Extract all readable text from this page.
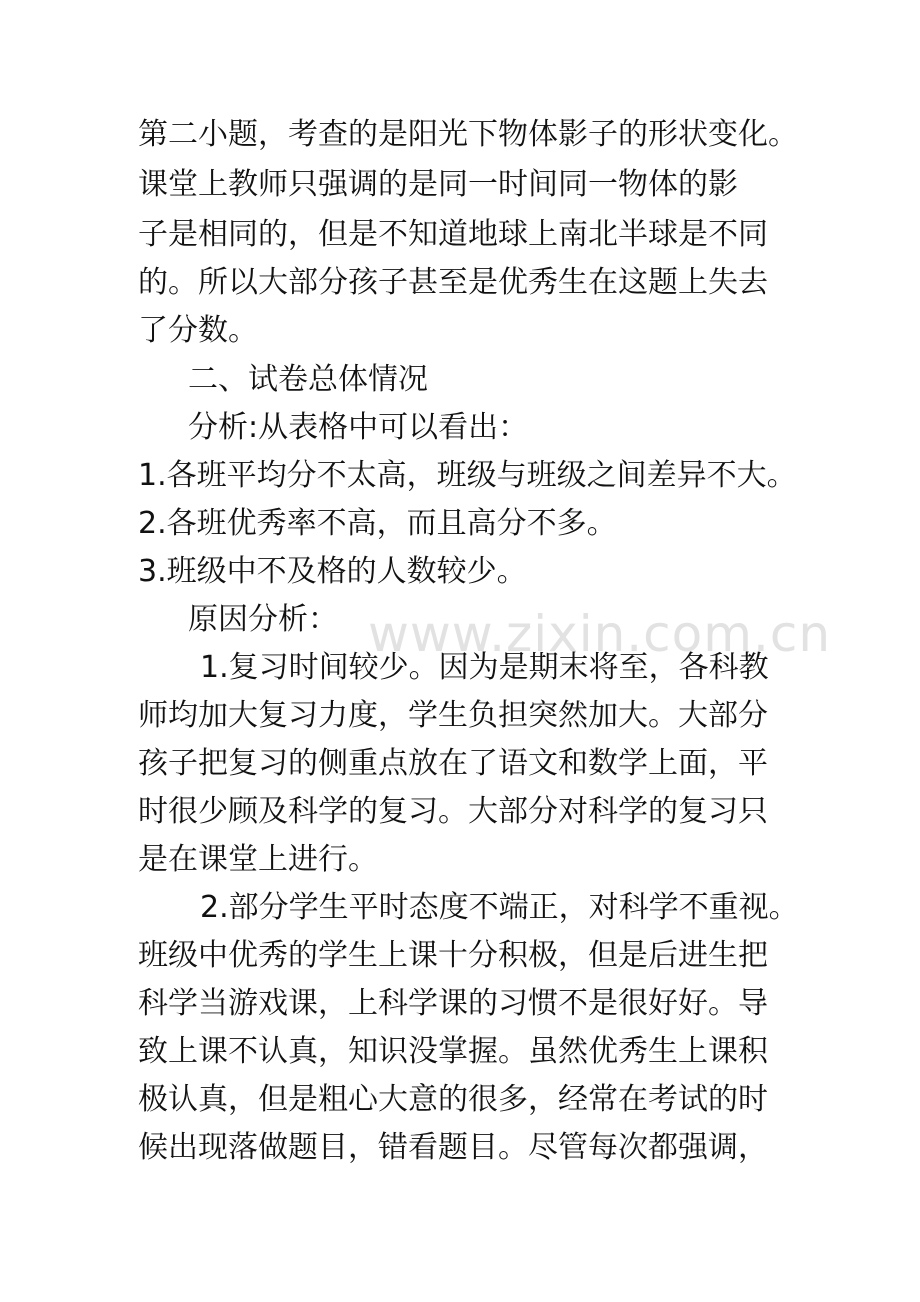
www.zixin.com.cn
第二小题，考查的是阳光下物体影子的形状变化。
课堂上教师只强调的是同一时间同一物体的影
子是相同的，但是不知道地球上南北半球是不同
的。所以大部分孩子甚至是优秀生在这题上失去
了分数。
二、试卷总体情况
分析:从表格中可以看出：
1.各班平均分不太高，班级与班级之间差异不大。
2.各班优秀率不高，而且高分不多。
3.班级中不及格的人数较少。
原因分析：
1.复习时间较少。因为是期末将至，各科教
师均加大复习力度，学生负担突然加大。大部分
孩子把复习的侧重点放在了语文和数学上面，平
时很少顾及科学的复习。大部分对科学的复习只
是在课堂上进行。
2.部分学生平时态度不端正，对科学不重视。
班级中优秀的学生上课十分积极，但是后进生把
科学当游戏课，上科学课的习惯不是很好好。导
致上课不认真，知识没掌握。虽然优秀生上课积
极认真，但是粗心大意的很多，经常在考试的时
候出现落做题目，错看题目。尽管每次都强调，
